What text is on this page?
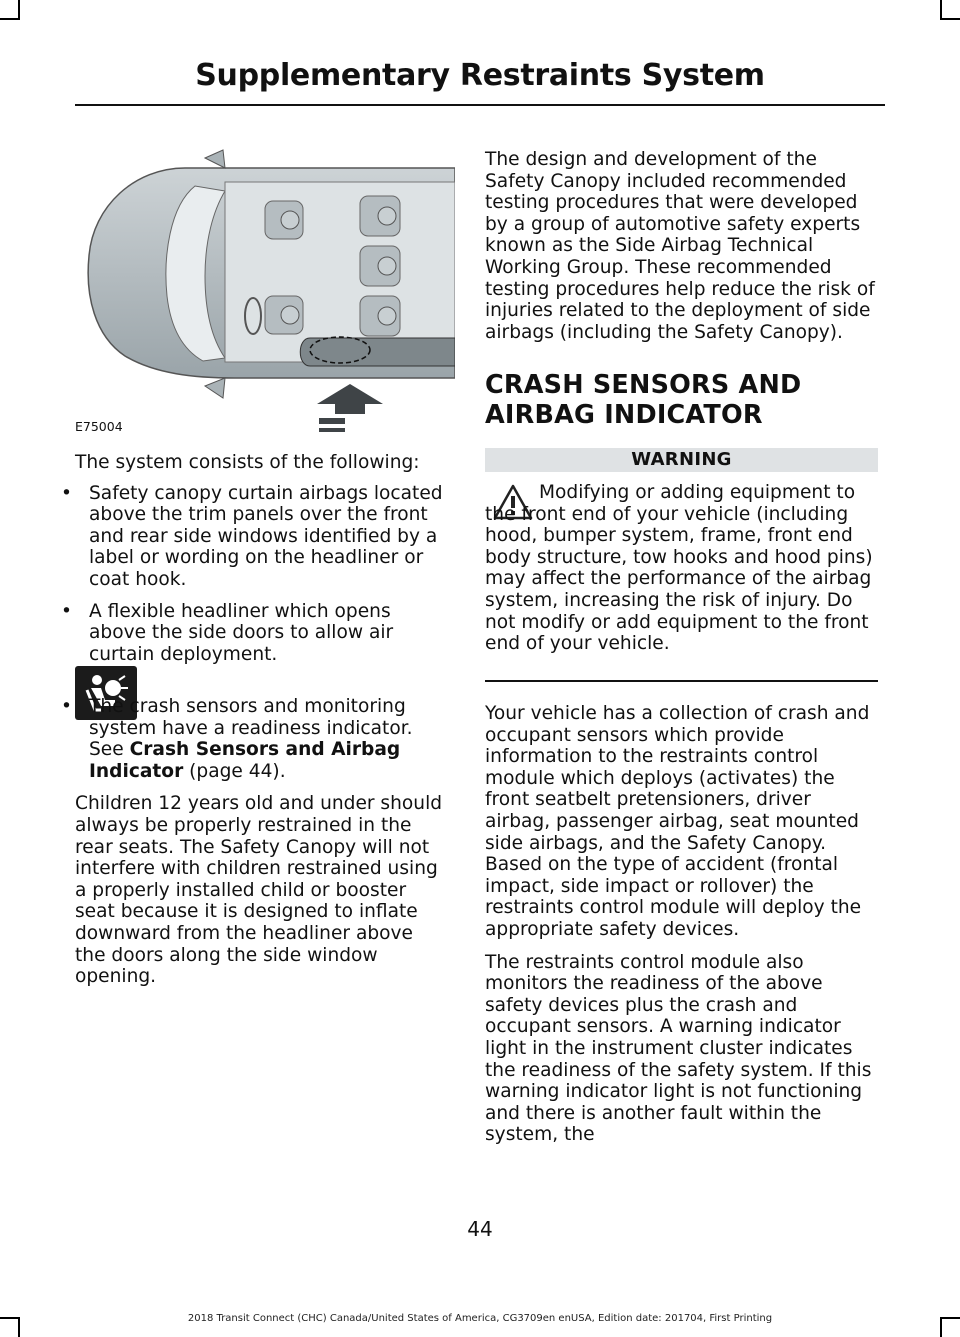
Supplementary Restraints System
E75004

The system consists of the following:

• Safety canopy curtain airbags located above the trim panels over the front and rear side windows identified by a label or wording on the headliner or coat hook.
• A flexible headliner which opens above the side doors to allow air curtain deployment.
• The crash sensors and monitoring system have a readiness indicator. See Crash Sensors and Airbag Indicator (page 44).

Children 12 years old and under should always be properly restrained in the rear seats. The Safety Canopy will not interfere with children restrained using a properly installed child or booster seat because it is designed to inflate downward from the headliner above the doors along the side window opening.

The design and development of the Safety Canopy included recommended testing procedures that were developed by a group of automotive safety experts known as the Side Airbag Technical Working Group. These recommended testing procedures help reduce the risk of injuries related to the deployment of side airbags (including the Safety Canopy).

CRASH SENSORS AND
AIRBAG INDICATOR
WARNING
Modifying or adding equipment to the front end of your vehicle (including hood, bumper system, frame, front end body structure, tow hooks and hood pins) may affect the performance of the airbag system, increasing the risk of injury. Do not modify or add equipment to the front end of your vehicle.

Your vehicle has a collection of crash and occupant sensors which provide information to the restraints control module which deploys (activates) the front seatbelt pretensioners, driver airbag, passenger airbag, seat mounted side airbags, and the Safety Canopy. Based on the type of accident (frontal impact, side impact or rollover) the restraints control module will deploy the appropriate safety devices.

The restraints control module also monitors the readiness of the above safety devices plus the crash and occupant sensors. A warning indicator light in the instrument cluster indicates the readiness of the safety system. If this warning indicator light is not functioning and there is another fault within the system, the

44
2018 Transit Connect (CHC) Canada/United States of America, CG3709en enUSA, Edition date: 201704, First Printing
